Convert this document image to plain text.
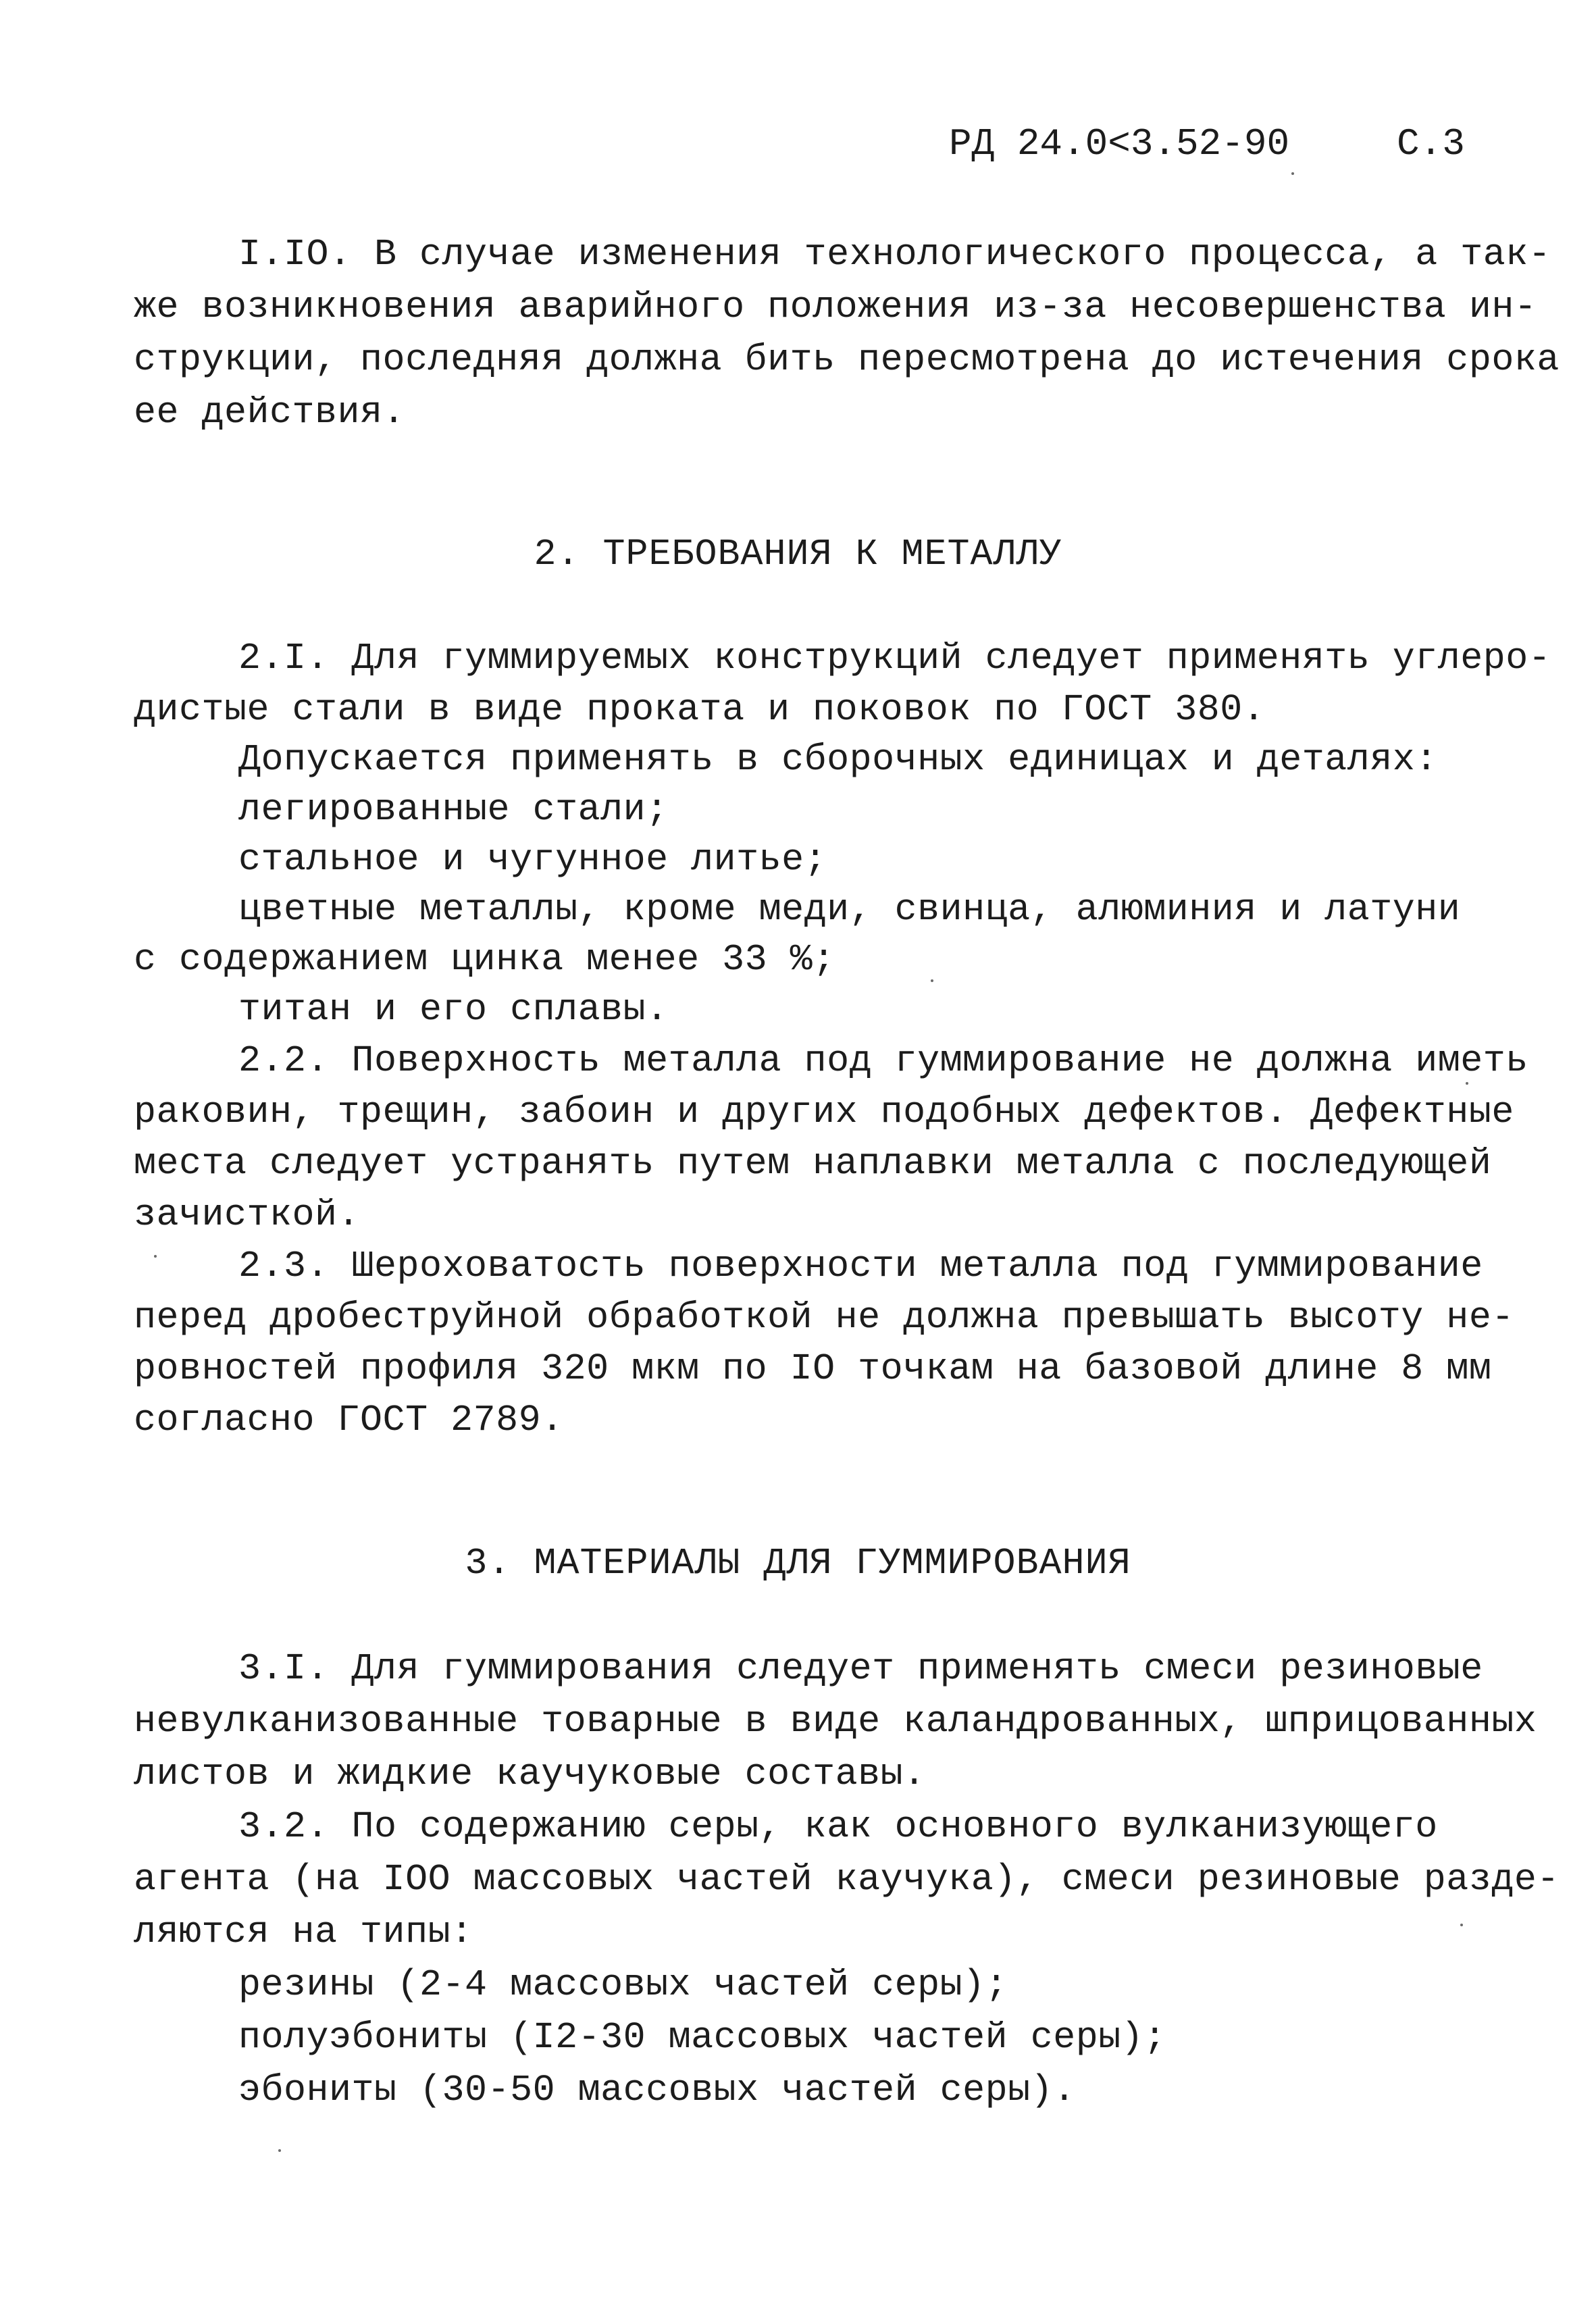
РД 24.0<3.52-90	С.3
I.IO. В случае изменения технологического процесса, а так-
же возникновения аварийного положения из-за несовершенства ин-
струкции, последняя должна бить пересмотрена до истечения срока
ее действия.
2. ТРЕБОВАНИЯ К МЕТАЛЛУ
2.I. Для гуммируемых конструкций следует применять углеро-
дистые стали в виде проката и поковок по ГОСТ 380.
Допускается применять в сборочных единицах и деталях:
легированные стали;
стальное и чугунное литье;
цветные металлы, кроме меди, свинца, алюминия и латуни
с содержанием цинка менее 33 %;
титан и его сплавы.
2.2. Поверхность металла под гуммирование не должна иметь
раковин, трещин, забоин и других подобных дефектов. Дефектные
места следует устранять путем наплавки металла с последующей
зачисткой.
2.3. Шероховатость поверхности металла под гуммирование
перед дробеструйной обработкой не должна превышать высоту не-
ровностей профиля 320 мкм по IO точкам на базовой длине 8 мм
согласно ГОСТ 2789.
3. МАТЕРИАЛЫ ДЛЯ ГУММИРОВАНИЯ
3.I. Для гуммирования следует применять смеси резиновые
невулканизованные товарные в виде каландрованных, шприцованных
листов и жидкие каучуковые составы.
3.2. По содержанию серы, как основного вулканизующего
агента (на IOO массовых частей каучука), смеси резиновые разде-
ляются на типы:
резины (2-4 массовых частей серы);
полуэбониты (I2-30 массовых частей серы);
эбониты (30-50 массовых частей серы).
